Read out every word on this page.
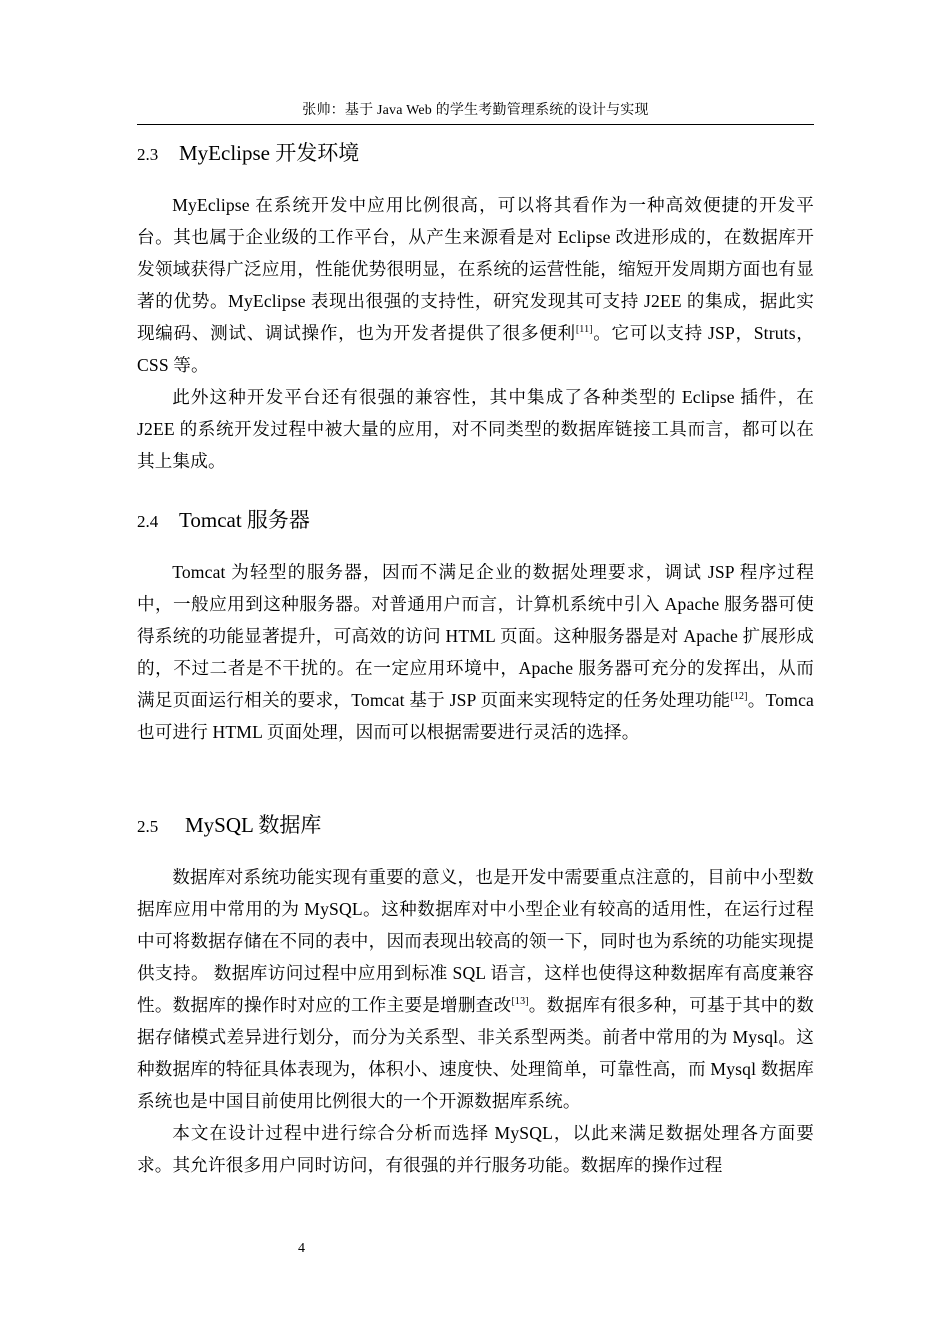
张帅：基于 Java Web 的学生考勤管理系统的设计与实现
2.3 MyEclipse 开发环境

MyEclipse 在系统开发中应用比例很高，可以将其看作为一种高效便捷的开发平台。其也属于企业级的工作平台，从产生来源看是对 Eclipse 改进形成的，在数据库开发领域获得广泛应用，性能优势很明显，在系统的运营性能，缩短开发周期方面也有显著的优势。MyEclipse 表现出很强的支持性，研究发现其可支持 J2EE 的集成，据此实现编码、测试、调试操作，也为开发者提供了很多便利[11]。它可以支持 JSP，Struts， CSS 等。

此外这种开发平台还有很强的兼容性，其中集成了各种类型的 Eclipse 插件，在 J2EE 的系统开发过程中被大量的应用，对不同类型的数据库链接工具而言，都可以在其上集成。

2.4 Tomcat 服务器

Tomcat 为轻型的服务器，因而不满足企业的数据处理要求，调试 JSP 程序过程中，一般应用到这种服务器。对普通用户而言，计算机系统中引入 Apache 服务器可使得系统的功能显著提升，可高效的访问 HTML 页面。这种服务器是对 Apache 扩展形成的，不过二者是不干扰的。在一定应用环境中，Apache 服务器可充分的发挥出，从而满足页面运行相关的要求，Tomcat 基于 JSP 页面来实现特定的任务处理功能[12]。Tomca 也可进行 HTML 页面处理，因而可以根据需要进行灵活的选择。

2.5 MySQL 数据库

数据库对系统功能实现有重要的意义，也是开发中需要重点注意的，目前中小型数据库应用中常用的为 MySQL。这种数据库对中小型企业有较高的适用性，在运行过程中可将数据存储在不同的表中，因而表现出较高的领一下，同时也为系统的功能实现提供支持。 数据库访问过程中应用到标准 SQL 语言，这样也使得这种数据库有高度兼容性。数据库的操作时对应的工作主要是增删查改[13]。数据库有很多种，可基于其中的数据存储模式差异进行划分，而分为关系型、非关系型两类。前者中常用的为 Mysql。这种数据库的特征具体表现为，体积小、速度快、处理简单，可靠性高，而 Mysql 数据库系统也是中国目前使用比例很大的一个开源数据库系统。

本文在设计过程中进行综合分析而选择 MySQL，以此来满足数据处理各方面要求。其允许很多用户同时访问，有很强的并行服务功能。数据库的操作过程

4
